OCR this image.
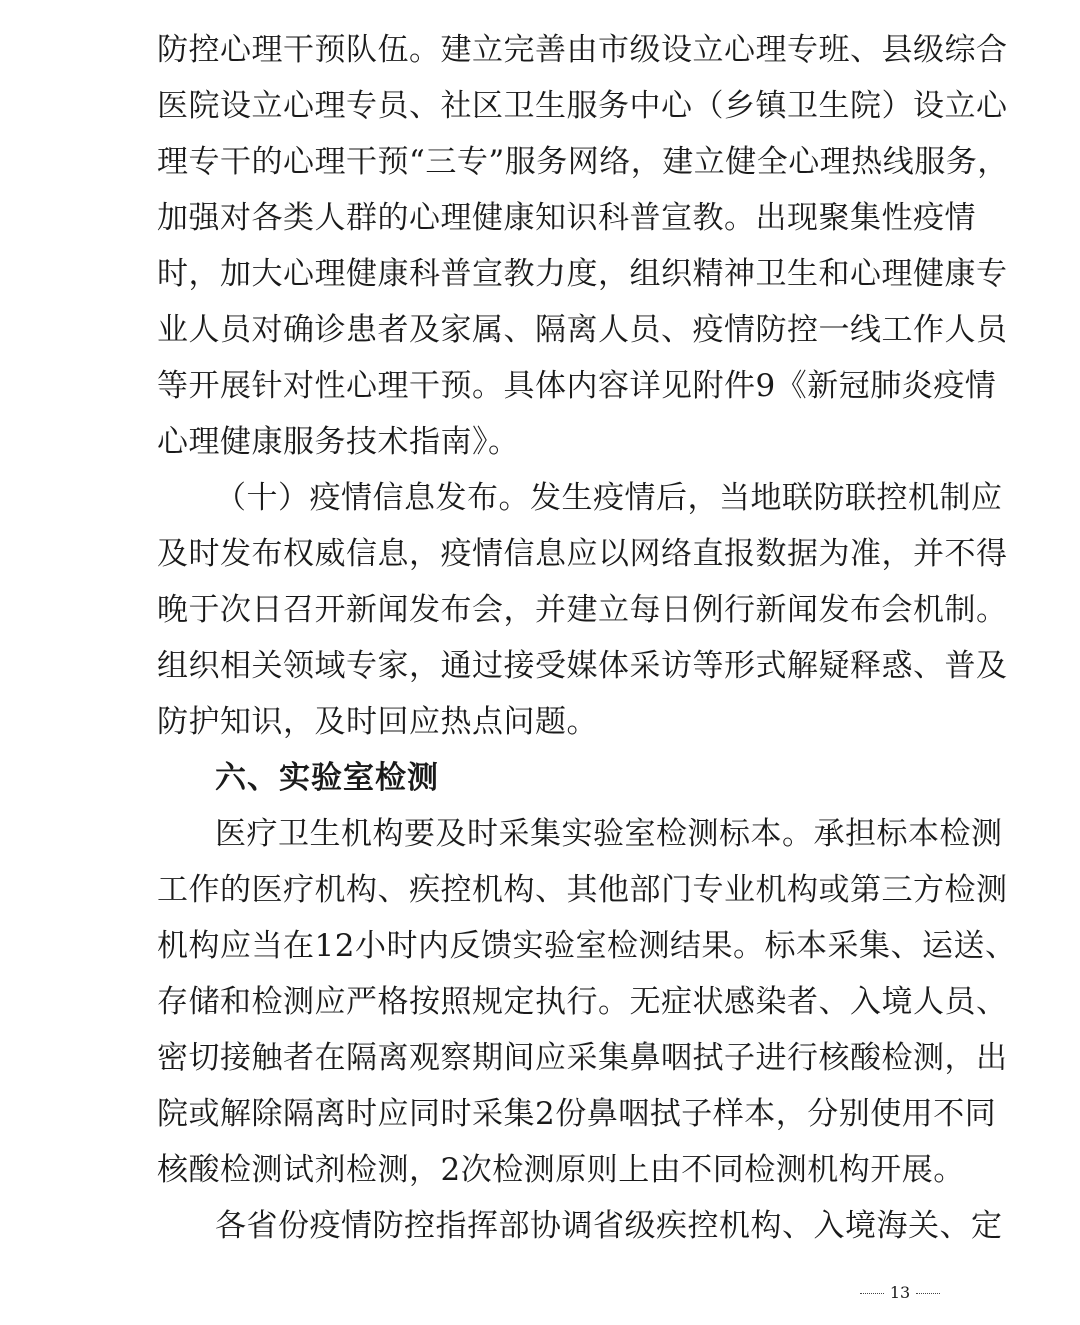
防控心理干预队伍。建立完善由市级设立心理专班、县级综合
医院设立心理专员、社区卫生服务中心（乡镇卫生院）设立心
理专干的心理干预“三专”服务网络，建立健全心理热线服务，
加强对各类人群的心理健康知识科普宣教。出现聚集性疫情
时，加大心理健康科普宣教力度，组织精神卫生和心理健康专
业人员对确诊患者及家属、隔离人员、疫情防控一线工作人员
等开展针对性心理干预。具体内容详见附件9《新冠肺炎疫情
心理健康服务技术指南》。
（十）疫情信息发布。发生疫情后，当地联防联控机制应
及时发布权威信息，疫情信息应以网络直报数据为准，并不得
晚于次日召开新闻发布会，并建立每日例行新闻发布会机制。
组织相关领域专家，通过接受媒体采访等形式解疑释惑、普及
防护知识，及时回应热点问题。
六、实验室检测
医疗卫生机构要及时采集实验室检测标本。承担标本检测
工作的医疗机构、疾控机构、其他部门专业机构或第三方检测
机构应当在12小时内反馈实验室检测结果。标本采集、运送、
存储和检测应严格按照规定执行。无症状感染者、入境人员、
密切接触者在隔离观察期间应采集鼻咽拭子进行核酸检测，出
院或解除隔离时应同时采集2份鼻咽拭子样本，分别使用不同
核酸检测试剂检测，2次检测原则上由不同检测机构开展。
各省份疫情防控指挥部协调省级疾控机构、入境海关、定
13
